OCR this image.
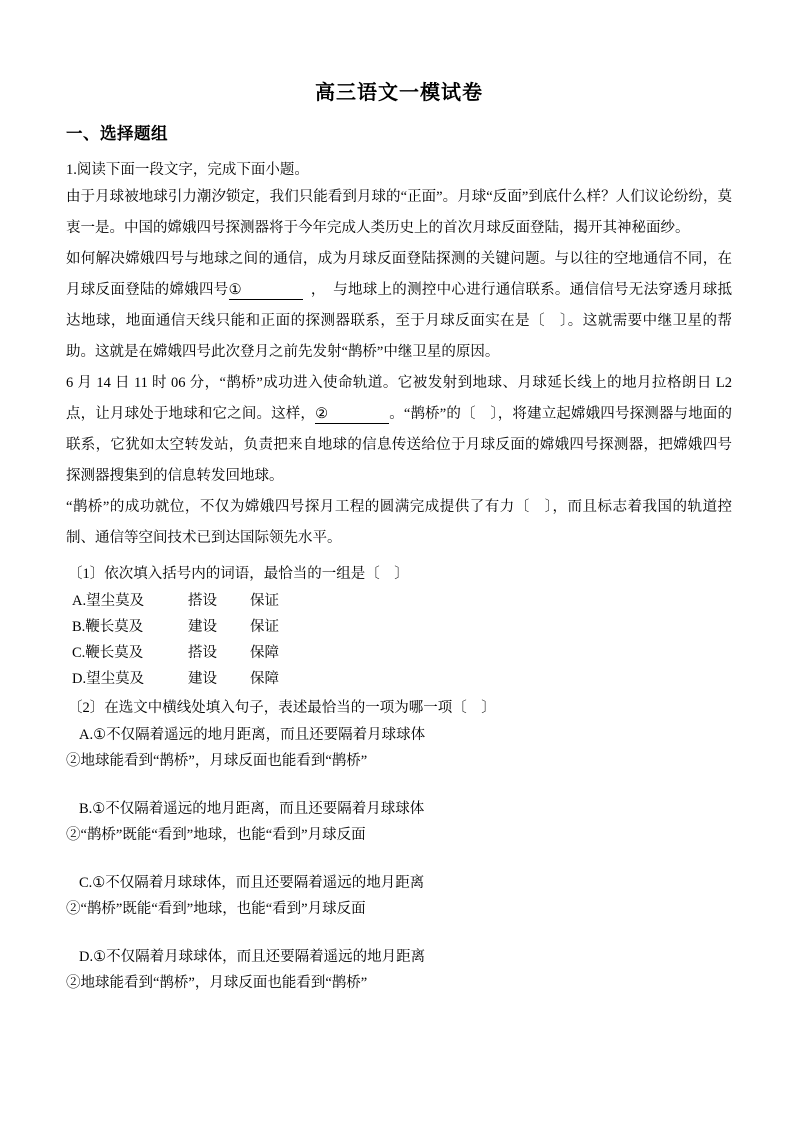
高三语文一模试卷
一、选择题组

1.阅读下面一段文字，完成下面小题。

由于月球被地球引力潮汐锁定，我们只能看到月球的“正面”。月球“反面”到底什么样？人们议论纷纷，莫衷一是。中国的嫦娥四号探测器将于今年完成人类历史上的首次月球反面登陆，揭开其神秘面纱。

如何解决嫦娥四号与地球之间的通信，成为月球反面登陆探测的关键问题。与以往的空地通信不同，在月球反面登陆的嫦娥四号①	，　与地球上的测控中心进行通信联系。通信信号无法穿透月球抵达地球，地面通信天线只能和正面的探测器联系，至于月球反面实在是〔　〕。这就需要中继卫星的帮助。这就是在嫦娥四号此次登月之前先发射“鹊桥”中继卫星的原因。

6 月 14 日 11 时 06 分，“鹊桥”成功进入使命轨道。它被发射到地球、月球延长线上的地月拉格朗日 L2 点，让月球处于地球和它之间。这样，②	。“鹊桥”的〔　〕，将建立起嫦娥四号探测器与地面的联系，它犹如太空转发站，负责把来自地球的信息传送给位于月球反面的嫦娥四号探测器，把嫦娥四号探测器搜集到的信息转发回地球。

“鹊桥”的成功就位，不仅为嫦娥四号探月工程的圆满完成提供了有力〔　〕，而且标志着我国的轨道控制、通信等空间技术已到达国际领先水平。

〔1〕依次填入括号内的词语，最恰当的一组是〔　〕

A.望尘莫及	搭设	保证
B.鞭长莫及	建设	保证
C.鞭长莫及	搭设	保障
D.望尘莫及	建设	保障

〔2〕在选文中横线处填入句子，表述最恰当的一项为哪一项〔　〕

A.①不仅隔着遥远的地月距离，而且还要隔着月球球体

②地球能看到“鹊桥”，月球反面也能看到“鹊桥”

B.①不仅隔着遥远的地月距离，而且还要隔着月球球体

②“鹊桥”既能“看到”地球，也能“看到”月球反面

C.①不仅隔着月球球体，而且还要隔着遥远的地月距离

②“鹊桥”既能“看到”地球，也能“看到”月球反面

D.①不仅隔着月球球体，而且还要隔着遥远的地月距离

②地球能看到“鹊桥”，月球反面也能看到“鹊桥”
